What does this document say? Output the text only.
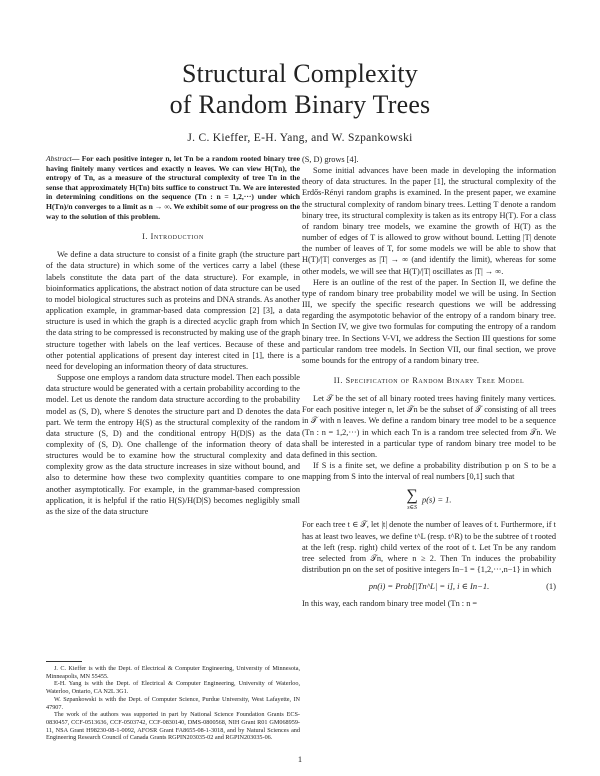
Structural Complexity
of Random Binary Trees
J. C. Kieffer, E-H. Yang, and W. Szpankowski

Abstract— For each positive integer n, let Tn be a random rooted binary tree having finitely many vertices and exactly n leaves. We can view H(Tn), the entropy of Tn, as a measure of the structural complexity of tree Tn in the sense that approximately H(Tn) bits suffice to construct Tn. We are interested in determining conditions on the sequence (Tn : n = 1,2,···) under which H(Tn)/n converges to a limit as n → ∞. We exhibit some of our progress on the way to the solution of this problem.

I. Introduction

We define a data structure to consist of a finite graph (the structure part of the data structure) in which some of the vertices carry a label (these labels constitute the data part of the data structure). For example, in bioinformatics applications, the abstract notion of data structure can be used to model biological structures such as proteins and DNA strands. As another application example, in grammar-based data compression [2] [3], a data structure is used in which the graph is a directed acyclic graph from which the data string to be compressed is reconstructed by making use of the graph structure together with labels on the leaf vertices. Because of these and other potential applications of present day interest cited in [1], there is a need for developing an information theory of data structures.

Suppose one employs a random data structure model. Then each possible data structure would be generated with a certain probability according to the model. Let us denote the random data structure according to the probability model as (S, D), where S denotes the structure part and D denotes the data part. We term the entropy H(S) as the structural complexity of the random data structure (S, D) and the conditional entropy H(D|S) as the data complexity of (S, D). One challenge of the information theory of data structures would be to examine how the structural complexity and data complexity grow as the data structure increases in size without bound, and also to determine how these two complexity quantities compare to one another asymptotically. For example, in the grammar-based compression application, it is helpful if the ratio H(S)/H(D|S) becomes negligibly small as the size of the data structure

(S, D) grows [4].

Some initial advances have been made in developing the information theory of data structures. In the paper [1], the structural complexity of the Erdős-Rényi random graphs is examined. In the present paper, we examine the structural complexity of random binary trees. Letting T denote a random binary tree, its structural complexity is taken as its entropy H(T). For a class of random binary tree models, we examine the growth of H(T) as the number of edges of T is allowed to grow without bound. Letting |T| denote the number of leaves of T, for some models we will be able to show that H(T)/|T| converges as |T| → ∞ (and identify the limit), whereas for some other models, we will see that H(T)/|T| oscillates as |T| → ∞.

Here is an outline of the rest of the paper. In Section II, we define the type of random binary tree probability model we will be using. In Section III, we specify the specific research questions we will be addressing regarding the asympototic behavior of the entropy of a random binary tree. In Section IV, we give two formulas for computing the entropy of a random binary tree. In Sections V-VI, we address the Section III questions for some particular random tree models. In Section VII, our final section, we prove some bounds for the entropy of a random binary tree.

II. Specification of Random Binary Tree Model

Let 𝒯 be the set of all binary rooted trees having finitely many vertices. For each positive integer n, let 𝒯n be the subset of 𝒯 consisting of all trees in 𝒯 with n leaves. We define a random binary tree model to be a sequence (Tn : n = 1,2,···) in which each Tn is a random tree selected from 𝒯n. We shall be interested in a particular type of random binary tree model to be defined in this section.

If S is a finite set, we define a probability distribution p on S to be a mapping from S into the interval of real numbers [0,1] such that

∑
s∈S
p(s) = 1.

For each tree t ∈ 𝒯, let |t| denote the number of leaves of t. Furthermore, if t has at least two leaves, we define t^L (resp. t^R) to be the subtree of t rooted at the left (resp. right) child vertex of the root of t. Let Tn be any random tree selected from 𝒯n, where n ≥ 2. Then Tn induces the probability distribution pn on the set of positive integers In−1 = {1,2,···,n−1} in which

pn(i) = Prob[|Tn^L| = i], i ∈ In−1.	(1)

In this way, each random binary tree model (Tn : n =

J. C. Kieffer is with the Dept. of Electrical & Computer Engineering, University of Minnesota, Minneapolis, MN 55455.

E-H. Yang is with the Dept. of Electrical & Computer Engineering, University of Waterloo, Waterloo, Ontario, CA N2L 3G1.

W. Szpankowski is with the Dept. of Computer Science, Purdue University, West Lafayette, IN 47907.

The work of the authors was supported in part by National Science Foundation Grants ECS-0830457, CCF-0513636, CCF-0503742, CCF-0830140, DMS-0800568, NIH Grant R01 GM068959-11, NSA Grant H98230-08-1-0092, AFOSR Grant FA8655-08-1-3018, and by Natural Sciences and Engineering Research Council of Canada Grants RGPIN203035-02 and RGPIN203035-06.

1
